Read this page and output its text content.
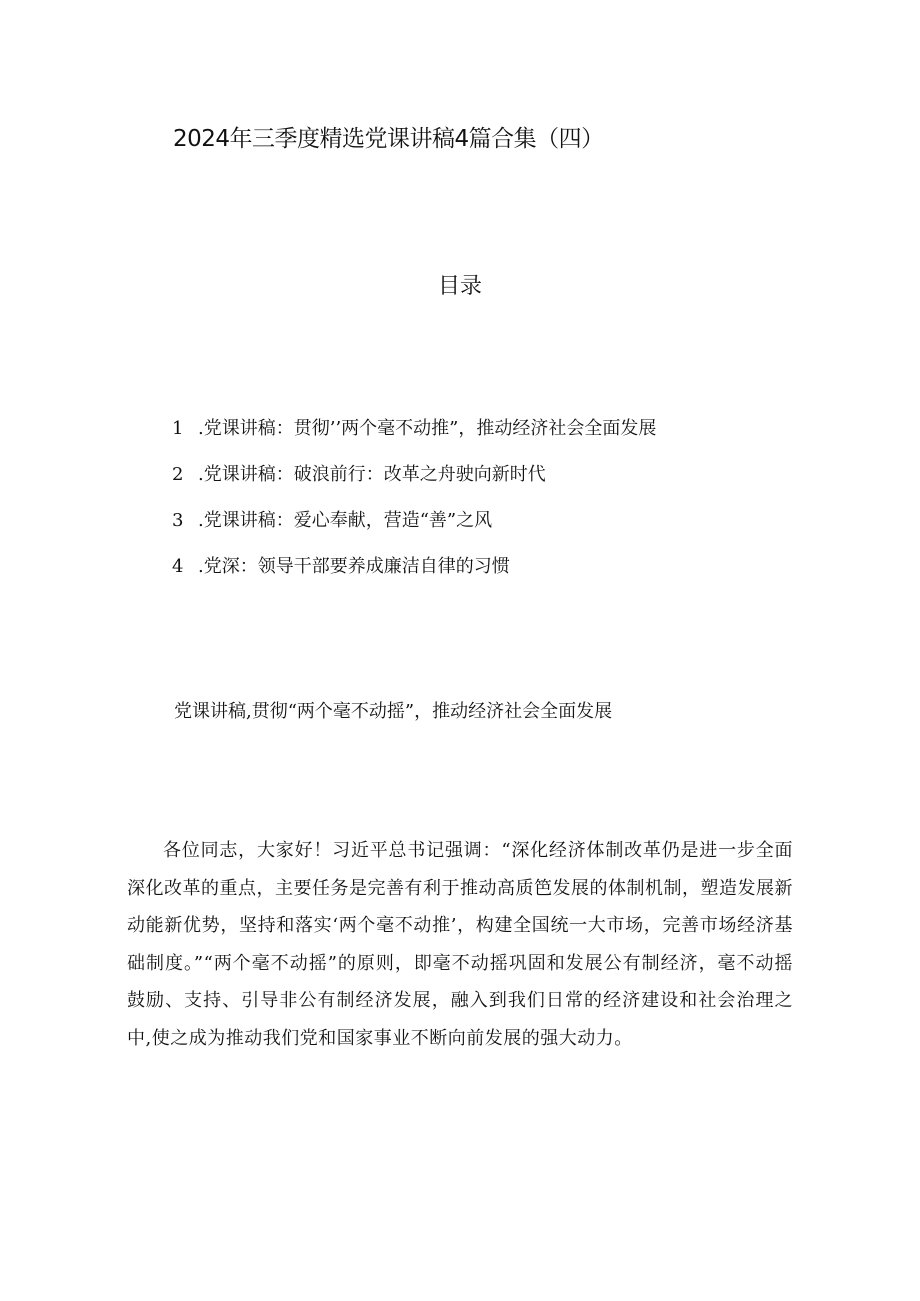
2024年三季度精选党课讲稿4篇合集（四）
目录
1 .党课讲稿：贯彻’’两个毫不动推”，推动经济社会全面发展
2 .党课讲稿：破浪前行：改革之舟驶向新时代
3 .党课讲稿：爱心奉献，营造“善”之风
4 .党深：领导干部要养成廉洁自律的习惯
党课讲稿,贯彻“两个毫不动摇”，推动经济社会全面发展

各位同志，大家好！习近平总书记强调：“深化经济体制改革仍是进一步全面深化改革的重点，主要任务是完善有利于推动高质笆发展的体制机制，塑造发展新动能新优势，坚持和落实‘两个毫不动推’，构建全国统一大市场，完善市场经济基础制度。”“两个毫不动摇”的原则，即毫不动摇巩固和发展公有制经济，毫不动摇鼓励、支持、引导非公有制经济发展，融入到我们日常的经济建设和社会治理之中,使之成为推动我们党和国家事业不断向前发展的强大动力。
